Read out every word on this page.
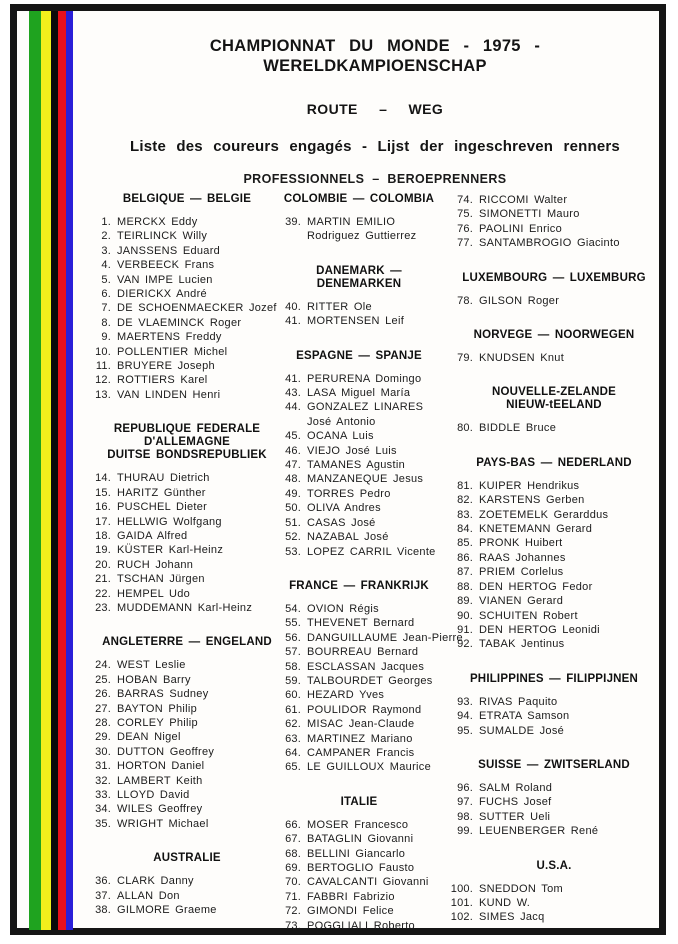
CHAMPIONNAT DU MONDE - 1975 - WERELDKAMPIOENSCHAP
ROUTE – WEG
Liste des coureurs engagés - Lijst der ingeschreven renners
PROFESSIONNELS – BEROEPRENNERS
BELGIQUE — BELGIE
1. MERCKX Eddy
2. TEIRLINCK Willy
3. JANSSENS Eduard
4. VERBEECK Frans
5. VAN IMPE Lucien
6. DIERICKX André
7. DE SCHOENMAECKER Jozef
8. DE VLAEMINCK Roger
9. MAERTENS Freddy
10. POLLENTIER Michel
11. BRUYERE Joseph
12. ROTTIERS Karel
13. VAN LINDEN Henri
REPUBLIQUE FEDERALE
D'ALLEMAGNE
DUITSE BONDSREPUBLIEK
14. THURAU Dietrich
15. HARITZ Günther
16. PUSCHEL Dieter
17. HELLWIG Wolfgang
18. GAIDA Alfred
19. KÜSTER Karl-Heinz
20. RUCH Johann
21. TSCHAN Jürgen
22. HEMPEL Udo
23. MUDDEMANN Karl-Heinz
ANGLETERRE — ENGELAND
24. WEST Leslie
25. HOBAN Barry
26. BARRAS Sudney
27. BAYTON Philip
28. CORLEY Philip
29. DEAN Nigel
30. DUTTON Geoffrey
31. HORTON Daniel
32. LAMBERT Keith
33. LLOYD David
34. WILES Geoffrey
35. WRIGHT Michael
AUSTRALIE
36. CLARK Danny
37. ALLAN Don
38. GILMORE Graeme
COLOMBIE — COLOMBIA
39. MARTIN EMILIO
Rodriguez Guttierrez
DANEMARK — DENEMARKEN
40. RITTER Ole
41. MORTENSEN Leif
ESPAGNE — SPANJE
41. PERURENA Domingo
43. LASA Miguel María
44. GONZALEZ LINARES
José Antonio
45. OCANA Luis
46. VIEJO José Luis
47. TAMANES Agustin
48. MANZANEQUE Jesus
49. TORRES Pedro
50. OLIVA Andres
51. CASAS José
52. NAZABAL José
53. LOPEZ CARRIL Vicente
FRANCE — FRANKRIJK
54. OVION Régis
55. THEVENET Bernard
56. DANGUILLAUME Jean-Pierre
57. BOURREAU Bernard
58. ESCLASSAN Jacques
59. TALBOURDET Georges
60. HEZARD Yves
61. POULIDOR Raymond
62. MISAC Jean-Claude
63. MARTINEZ Mariano
64. CAMPANER Francis
65. LE GUILLOUX Maurice
ITALIE
66. MOSER Francesco
67. BATAGLIN Giovanni
68. BELLINI Giancarlo
69. BERTOGLIO Fausto
70. CAVALCANTI Giovanni
71. FABBRI Fabrizio
72. GIMONDI Felice
73. POGGLIALI Roberto
74. RICCOMI Walter
75. SIMONETTI Mauro
76. PAOLINI Enrico
77. SANTAMBROGIO Giacinto
LUXEMBOURG — LUXEMBURG
78. GILSON Roger
NORVEGE — NOORWEGEN
79. KNUDSEN Knut
NOUVELLE-ZELANDE
NIEUW-tEELAND
80. BIDDLE Bruce
PAYS-BAS — NEDERLAND
81. KUIPER Hendrikus
82. KARSTENS Gerben
83. ZOETEMELK Gerarddus
84. KNETEMANN Gerard
85. PRONK Huibert
86. RAAS Johannes
87. PRIEM Corlelus
88. DEN HERTOG Fedor
89. VIANEN Gerard
90. SCHUITEN Robert
91. DEN HERTOG Leonidi
92. TABAK Jentinus
PHILIPPINES — FILIPPIJNEN
93. RIVAS Paquito
94. ETRATA Samson
95. SUMALDE José
SUISSE — ZWITSERLAND
96. SALM Roland
97. FUCHS Josef
98. SUTTER Ueli
99. LEUENBERGER René
U.S.A.
100. SNEDDON Tom
101. KUND W.
102. SIMES Jacq
